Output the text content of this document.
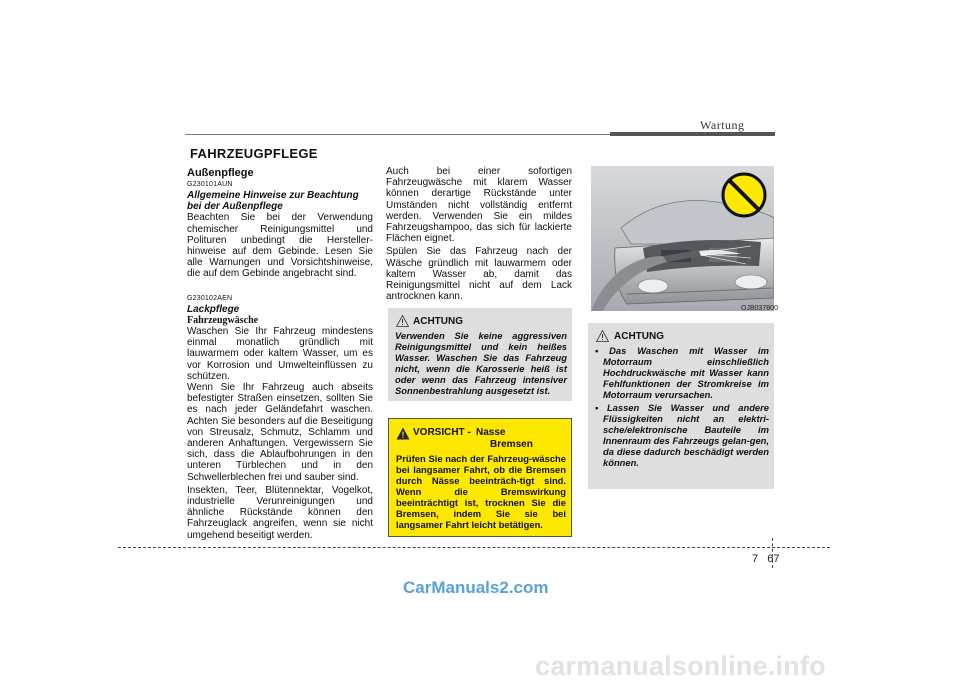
Wartung
FAHRZEUGPFLEGE

Außenpflege

G230101AUN

Allgemeine Hinweise zur Beachtung bei der Außenpflege

Beachten Sie bei der Verwendung chemischer Reinigungsmittel und Polituren unbedingt die Hersteller-hinweise auf dem Gebinde. Lesen Sie alle Warnungen und Vorsichtshinweise, die auf dem Gebinde angebracht sind.

G230102AEN

Lackpflege

Fahrzeugwäsche

Waschen Sie Ihr Fahrzeug mindestens einmal monatlich gründlich mit lauwarmem oder kaltem Wasser, um es vor Korrosion und Umwelteinflüssen zu schützen.

Wenn Sie Ihr Fahrzeug auch abseits befestigter Straßen einsetzen, sollten Sie es nach jeder Geländefahrt waschen. Achten Sie besonders auf die Beseitigung von Streusalz, Schmutz, Schlamm und anderen Anhaftungen. Vergewissern Sie sich, dass die Ablaufbohrungen in den unteren Türblechen und in den Schwellerblechen frei und sauber sind.

Insekten, Teer, Blütennektar, Vogelkot, industrielle Verunreinigungen und ähnliche Rückstände können den Fahrzeuglack angreifen, wenn sie nicht umgehend beseitigt werden.

Auch bei einer sofortigen Fahrzeugwäsche mit klarem Wasser können derartige Rückstände unter Umständen nicht vollständig entfernt werden. Verwenden Sie ein mildes Fahrzeugshampoo, das sich für lackierte Flächen eignet.

Spülen Sie das Fahrzeug nach der Wäsche gründlich mit lauwarmem oder kaltem Wasser ab, damit das Reinigungsmittel nicht auf dem Lack antrocknen kann.

ACHTUNG
Verwenden Sie keine aggressiven Reinigungsmittel und kein heißes Wasser. Waschen Sie das Fahrzeug nicht, wenn die Karosserie heiß ist oder wenn das Fahrzeug intensiver Sonnenbestrahlung ausgesetzt ist.
VORSICHT - Nasse
Bremsen
Prüfen Sie nach der Fahrzeug-wäsche bei langsamer Fahrt, ob die Bremsen durch Nässe beeinträch-tigt sind. Wenn die Bremswirkung beeinträchtigt ist, trocknen Sie die Bremsen, indem Sie sie bei langsamer Fahrt leicht betätigen.
OJB037800
ACHTUNG
• Das Waschen mit Wasser im Motorraum einschließlich Hochdruckwäsche mit Wasser kann Fehlfunktionen der Stromkreise im Motorraum verursachen.
• Lassen Sie Wasser und andere Flüssigkeiten nicht an elektri-sche/elektronische Bauteile im Innenraum des Fahrzeugs gelan-gen, da diese dadurch beschädigt werden können.
7 67
CarManuals2.com
carmanualsonline.info
